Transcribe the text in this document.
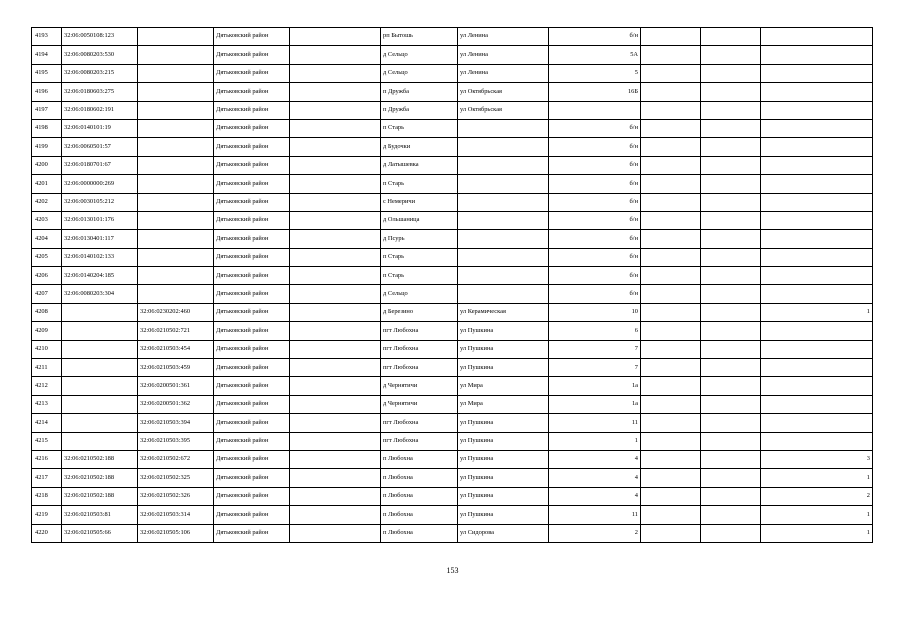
4193	32:06:0050108:123		Дятьковский район		рп Бытошь	ул Ленина	б/н			
4194	32:06:0080203:530		Дятьковский район		д Сельцо	ул Ленина	5А			
4195	32:06:0080203:215		Дятьковский район		д Сельцо	ул Ленина	5			
4196	32:06:0180603:275		Дятьковский район		п Дружба	ул Октябрьская	16Б			
4197	32:06:0180602:191		Дятьковский район		п Дружба	ул Октябрьская				
4198	32:06:0140101:19		Дятьковский район		п Старь		б/н			
4199	32:06:0060501:57		Дятьковский район		д Будочки		б/н			
4200	32:06:0180701:67		Дятьковский район		д Латышевка		б/н			
4201	32:06:0000000:269		Дятьковский район		п Старь		б/н			
4202	32:06:0030105:212		Дятьковский район		с Немеричи		б/н			
4203	32:06:0130101:176		Дятьковский район		д Ольшаница		б/н			
4204	32:06:0130401:117		Дятьковский район		д Псурь		б/н			
4205	32:06:0140102:133		Дятьковский район		п Старь		б/н			
4206	32:06:0140204:185		Дятьковский район		п Старь		б/н			
4207	32:06:0080203:304		Дятьковский район		д Сельцо		б/н			
4208		32:06:0230202:460	Дятьковский район		д Березино	ул Керамическая	10			1
4209		32:06:0210502:721	Дятьковский район		пгт Любохна	ул Пушкина	6			
4210		32:06:0210503:454	Дятьковский район		пгт Любохна	ул Пушкина	7			
4211		32:06:0210503:459	Дятьковский район		пгт Любохна	ул Пушкина	7			
4212		32:06:0200501:361	Дятьковский район		д Чернятичи	ул Мира	1а			
4213		32:06:0200501:362	Дятьковский район		д Чернятичи	ул Мира	1а			
4214		32:06:0210503:394	Дятьковский район		пгт Любохна	ул Пушкина	11			
4215		32:06:0210503:395	Дятьковский район		пгт Любохна	ул Пушкина	1			
4216	32:06:0210502:188	32:06:0210502:672	Дятьковский район		п Любохна	ул Пушкина	4			3
4217	32:06:0210502:188	32:06:0210502:325	Дятьковский район		п Любохна	ул Пушкина	4			1
4218	32:06:0210502:188	32:06:0210502:326	Дятьковский район		п Любохна	ул Пушкина	4			2
4219	32:06:0210503:81	32:06:0210503:314	Дятьковский район		п Любохна	ул Пушкина	11			1
4220	32:06:0210505:66	32:06:0210505:106	Дятьковский район		п Любохна	ул Сидорова	2			1
153
